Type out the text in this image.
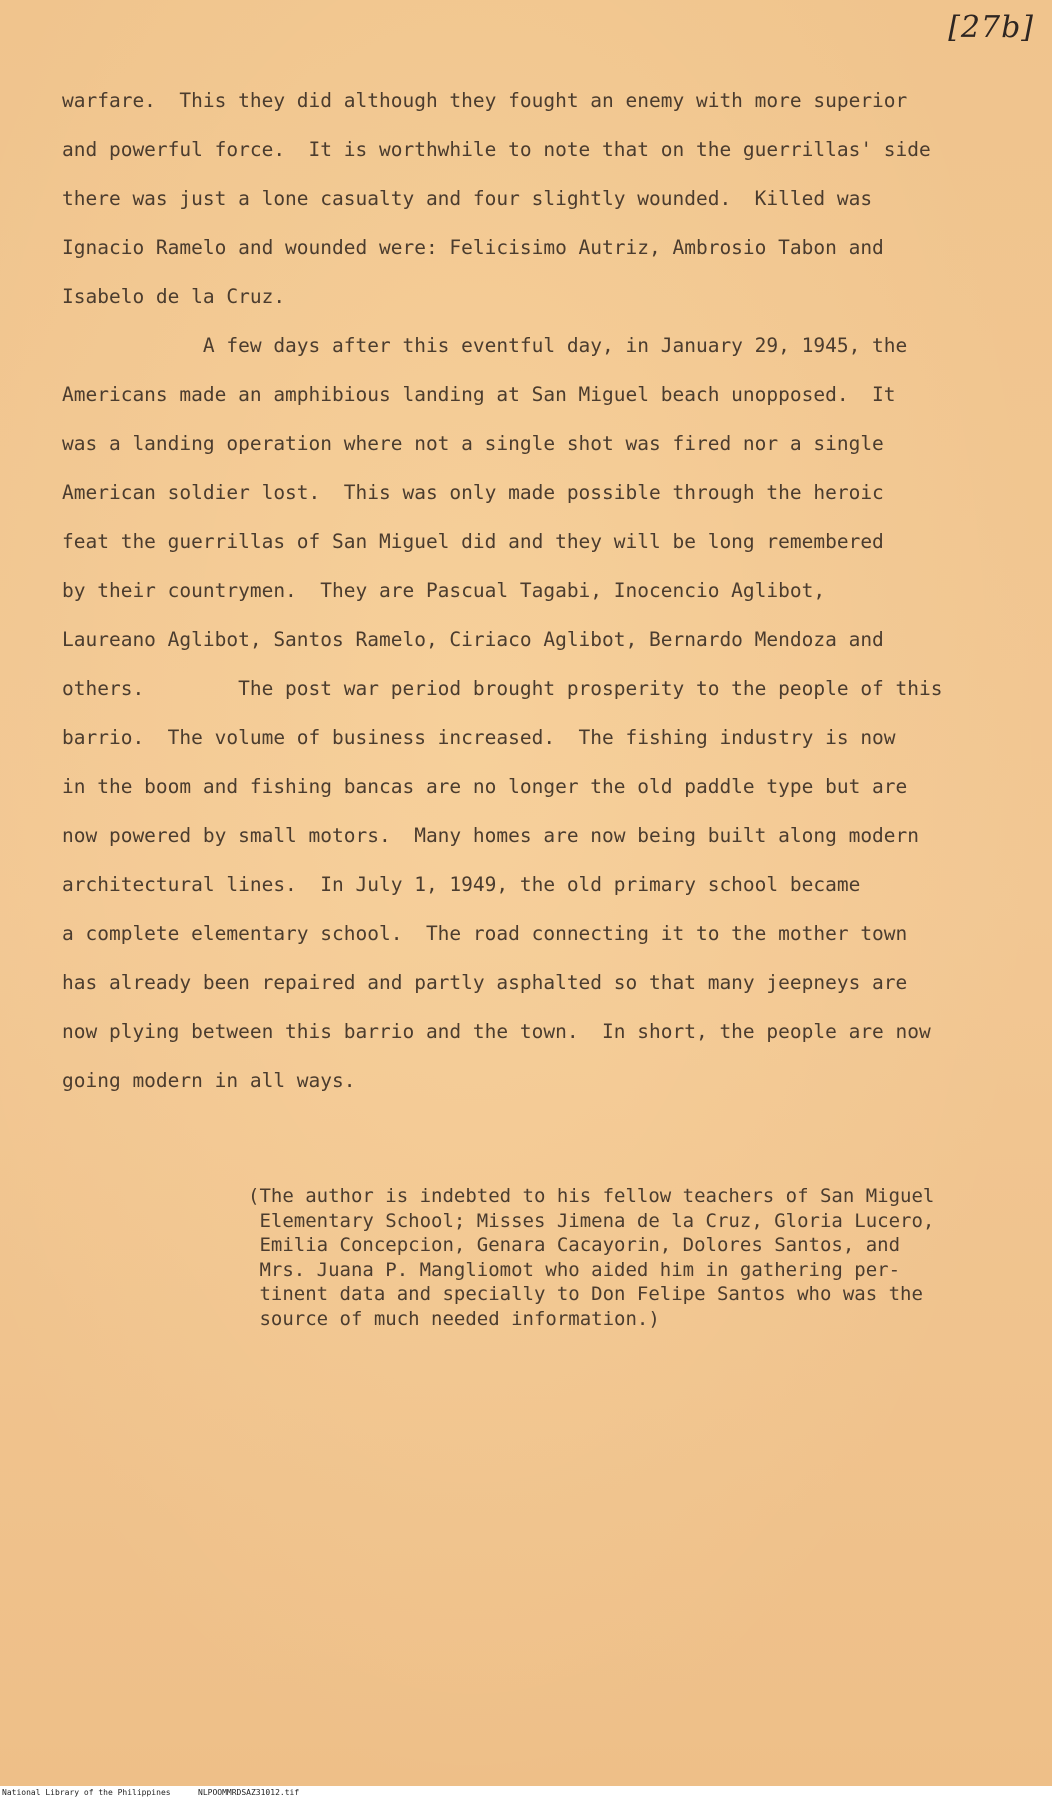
[27b]
warfare.  This they did although they fought an enemy with more superior
and powerful force.  It is worthwhile to note that on the guerrillas' side
there was just a lone casualty and four slightly wounded.  Killed was
Ignacio Ramelo and wounded were: Felicisimo Autriz, Ambrosio Tabon and
Isabelo de la Cruz.
A few days after this eventful day, in January 29, 1945, the
Americans made an amphibious landing at San Miguel beach unopposed.  It
was a landing operation where not a single shot was fired nor a single
American soldier lost.  This was only made possible through the heroic
feat the guerrillas of San Miguel did and they will be long remembered
by their countrymen.  They are Pascual Tagabi, Inocencio Aglibot,
Laureano Aglibot, Santos Ramelo, Ciriaco Aglibot, Bernardo Mendoza and
others.        The post war period brought prosperity to the people of this
barrio.  The volume of business increased.  The fishing industry is now
in the boom and fishing bancas are no longer the old paddle type but are
now powered by small motors.  Many homes are now being built along modern
architectural lines.  In July 1, 1949, the old primary school became
a complete elementary school.  The road connecting it to the mother town
has already been repaired and partly asphalted so that many jeepneys are
now plying between this barrio and the town.  In short, the people are now
going modern in all ways.
(The author is indebted to his fellow teachers of San Miguel
Elementary School; Misses Jimena de la Cruz, Gloria Lucero,
Emilia Concepcion, Genara Cacayorin, Dolores Santos, and
Mrs. Juana P. Mangliomot who aided him in gathering per-
tinent data and specially to Don Felipe Santos who was the
source of much needed information.)
National Library of the Philippines	NLPOOMMRDSAZ31012.tif
